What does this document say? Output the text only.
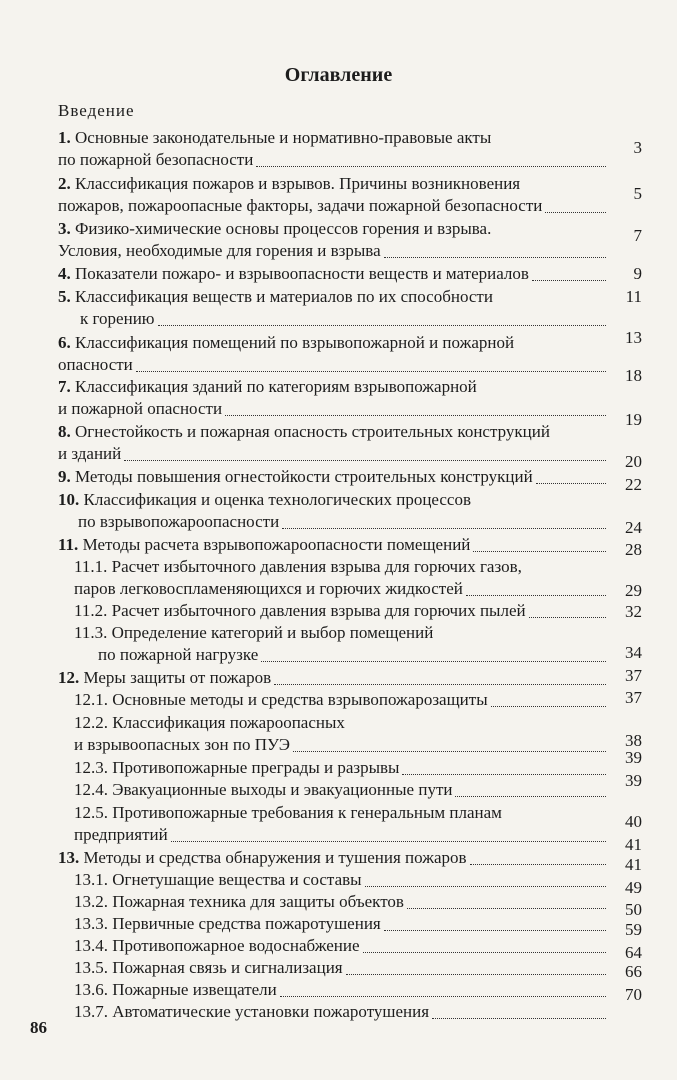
Оглавление
Введение
1. Основные законодательные и нормативно-правовые акты
по пожарной безопасности
2. Классификация пожаров и взрывов. Причины возникновения
пожаров, пожароопасные факторы, задачи пожарной безопасности
3. Физико-химические основы процессов горения и взрыва.
Условия, необходимые для горения и взрыва
4. Показатели пожаро- и взрывоопасности веществ и материалов
5. Классификация веществ и материалов по их способности
к горению
6. Классификация помещений по взрывопожарной и пожарной
опасности
7. Классификация зданий по категориям взрывопожарной
и пожарной опасности
8. Огнестойкость и пожарная опасность строительных конструкций
и зданий
9. Методы повышения огнестойкости строительных конструкций
10. Классификация и оценка технологических процессов
по взрывопожароопасности
11. Методы расчета взрывопожароопасности помещений
11.1. Расчет избыточного давления взрыва для горючих газов,
паров легковоспламеняющихся и горючих жидкостей
11.2. Расчет избыточного давления взрыва для горючих пылей
11.3. Определение категорий и выбор помещений
по пожарной нагрузке
12. Меры защиты от пожаров
12.1. Основные методы и средства взрывопожарозащиты
12.2. Классификация пожароопасных
и взрывоопасных зон по ПУЭ
12.3. Противопожарные преграды и разрывы
12.4. Эвакуационные выходы и эвакуационные пути
12.5. Противопожарные требования к генеральным планам
предприятий
13. Методы и средства обнаружения и тушения пожаров
13.1. Огнетушащие вещества и составы
13.2. Пожарная техника для защиты объектов
13.3. Первичные средства пожаротушения
13.4. Противопожарное водоснабжение
13.5. Пожарная связь и сигнализация
13.6. Пожарные извещатели
13.7. Автоматические установки пожаротушения
3
5
7
9
11
13
18
19
20
22
24
28
29
32
34
37
37
38
39
39
40
41
41
49
50
59
64
66
70
86
